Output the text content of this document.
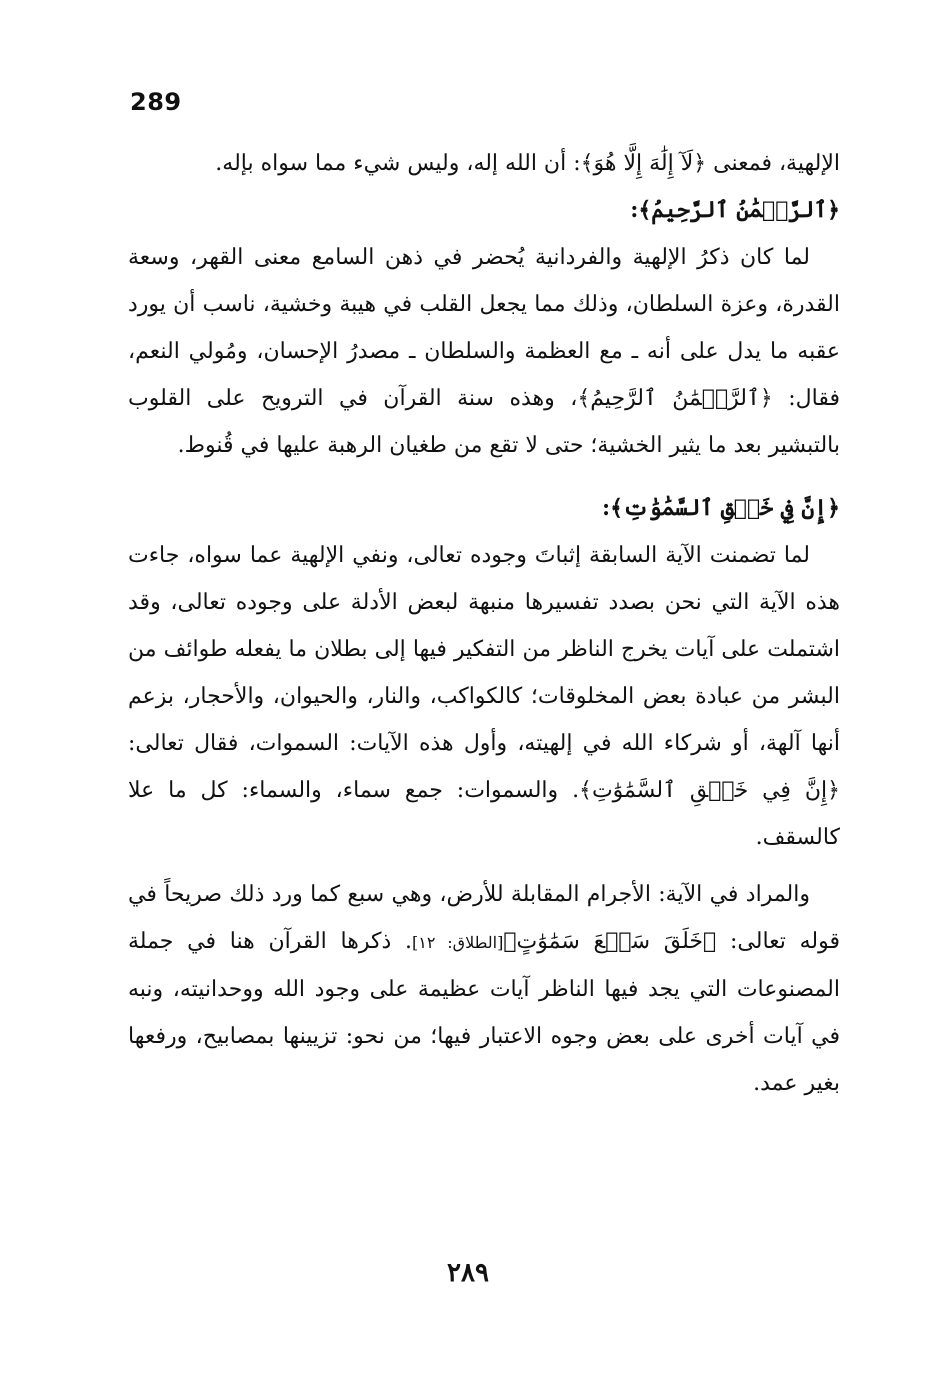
289

الإلهية، فمعنى ﴿لَآ إِلَٰهَ إِلَّا هُوَ﴾: أن الله إله، وليس شيء مما سواه بإله.

﴿ٱلرَّحۡمَٰنُ ٱلرَّحِيمُ﴾:

لما كان ذكرُ الإلهية والفردانية يُحضر في ذهن السامع معنى القهر، وسعة القدرة، وعزة السلطان، وذلك مما يجعل القلب في هيبة وخشية، ناسب أن يورد عقبه ما يدل على أنه ـ مع العظمة والسلطان ـ مصدرُ الإحسان، ومُولي النعم، فقال: ﴿ٱلرَّحۡمَٰنُ ٱلرَّحِيمُ﴾، وهذه سنة القرآن في الترويح على القلوب بالتبشير بعد ما يثير الخشية؛ حتى لا تقع من طغيان الرهبة عليها في قُنوط.

﴿إِنَّ فِي خَلۡقِ ٱلسَّمَٰوَٰتِ﴾:

لما تضمنت الآية السابقة إثباتَ وجوده تعالى، ونفي الإلهية عما سواه، جاءت هذه الآية التي نحن بصدد تفسيرها منبهة لبعض الأدلة على وجوده تعالى، وقد اشتملت على آيات يخرج الناظر من التفكير فيها إلى بطلان ما يفعله طوائف من البشر من عبادة بعض المخلوقات؛ كالكواكب، والنار، والحيوان، والأحجار، بزعم أنها آلهة، أو شركاء الله في إلهيته، وأول هذه الآيات: السموات، فقال تعالى: ﴿إِنَّ فِي خَلۡقِ ٱلسَّمَٰوَٰتِ﴾. والسموات: جمع سماء، والسماء: كل ما علا كالسقف.

والمراد في الآية: الأجرام المقابلة للأرض، وهي سبع كما ورد ذلك صريحاً في قوله تعالى: ﴿خَلَقَ سَبۡعَ سَمَٰوَٰتٍ﴾[الطلاق: ١٢]. ذكرها القرآن هنا في جملة المصنوعات التي يجد فيها الناظر آيات عظيمة على وجود الله ووحدانيته، ونبه في آيات أخرى على بعض وجوه الاعتبار فيها؛ من نحو: تزيينها بمصابيح، ورفعها بغير عمد.

٢٨٩
